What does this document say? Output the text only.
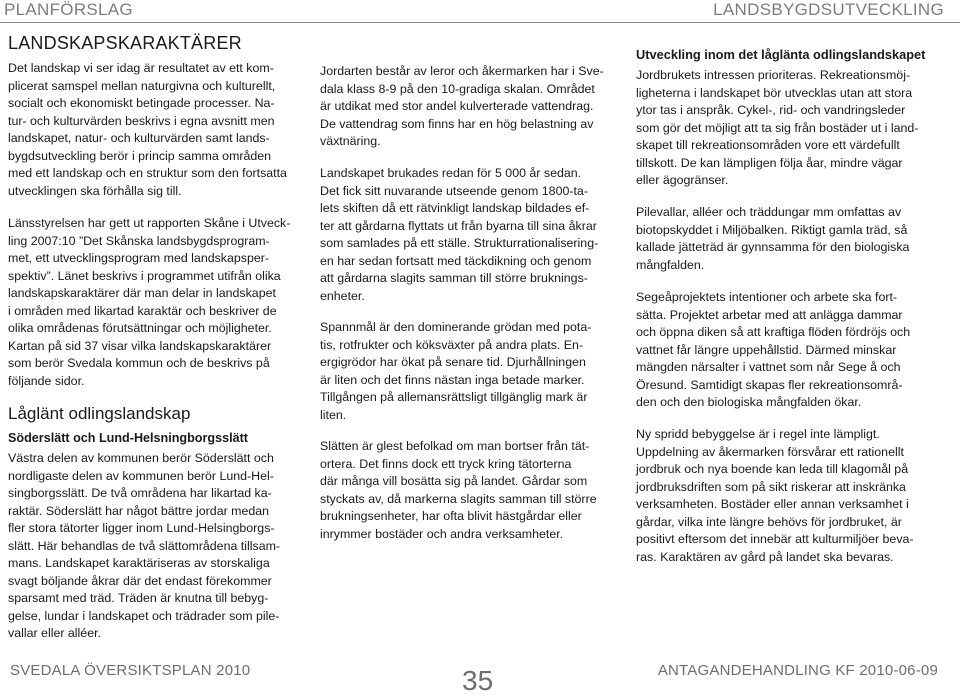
PLANFÖRSLAG	LANDSBYGDSUTVECKLING
LANDSKAPSKARAKTÄRER

Det landskap vi ser idag är resultatet av ett kom-
plicerat samspel mellan naturgivna och kulturellt,
socialt och ekonomiskt betingade processer. Na-
tur- och kulturvärden beskrivs i egna avsnitt men
landskapet, natur- och kulturvärden samt lands-
bygdsutveckling berör i princip samma områden
med ett landskap och en struktur som den fortsatta
utvecklingen ska förhålla sig till.

Länsstyrelsen har gett ut rapporten Skåne i Utveck-
ling 2007:10 ”Det Skånska landsbygdsprogram-
met, ett utvecklingsprogram med landskapsper-
spektiv”. Länet beskrivs i programmet utifrån olika
landskapskaraktärer där man delar in landskapet
i områden med likartad karaktär och beskriver de
olika områdenas förutsättningar och möjligheter.
Kartan på sid 37 visar vilka landskapskaraktärer
som berör Svedala kommun och de beskrivs på
följande sidor.

Låglänt odlingslandskap

Söderslätt och Lund-Helsningborgsslätt

Västra delen av kommunen berör Söderslätt och
nordligaste delen av kommunen berör Lund-Hel-
singborgsslätt. De två områdena har likartad ka-
raktär. Söderslätt har något bättre jordar medan
fler stora tätorter ligger inom Lund-Helsingborgs-
slätt. Här behandlas de två slättområdena tillsam-
mans. Landskapet karaktäriseras av storskaliga
svagt böljande åkrar där det endast förekommer
sparsamt med träd. Träden är knutna till bebyg-
gelse, lundar i landskapet och trädrader som pile-
vallar eller alléer.

Jordarten består av leror och åkermarken har i Sve-
dala klass 8-9 på den 10-gradiga skalan. Området
är utdikat med stor andel kulverterade vattendrag.
De vattendrag som finns har en hög belastning av
växtnäring.

Landskapet brukades redan för 5 000 år sedan.
Det fick sitt nuvarande utseende genom 1800-ta-
lets skiften då ett rätvinkligt landskap bildades ef-
ter att gårdarna flyttats ut från byarna till sina åkrar
som samlades på ett ställe. Strukturrationalisering-
en har sedan fortsatt med täckdikning och genom
att gårdarna slagits samman till större bruknings-
enheter.

Spannmål är den dominerande grödan med pota-
tis, rotfrukter och köksväxter på andra plats. En-
ergigrödor har ökat på senare tid. Djurhållningen
är liten och det finns nästan inga betade marker.
Tillgången på allemansrättsligt tillgänglig mark är
liten.

Slätten är glest befolkad om man bortser från tät-
ortera. Det finns dock ett tryck kring tätorterna
där många vill bosätta sig på landet. Gårdar som
styckats av, då markerna slagits samman till större
brukningsenheter, har ofta blivit hästgårdar eller
inrymmer bostäder och andra verksamheter.

Utveckling inom det låglänta odlingslandskapet

Jordbrukets intressen prioriteras. Rekreationsmöj-
ligheterna i landskapet bör utvecklas utan att stora
ytor tas i anspråk. Cykel-, rid- och vandringsleder
som gör det möjligt att ta sig från bostäder ut i land-
skapet till rekreationsområden vore ett värdefullt
tillskott. De kan lämpligen följa åar, mindre vägar
eller ägogränser.

Pilevallar, alléer och träddungar mm omfattas av
biotopskyddet i Miljöbalken. Riktigt gamla träd, så
kallade jätteträd är gynnsamma för den biologiska
mångfalden.

Segeåprojektets intentioner och arbete ska fort-
sätta. Projektet arbetar med att anlägga dammar
och öppna diken så att kraftiga flöden fördröjs och
vattnet får längre uppehållstid. Därmed minskar
mängden närsalter i vattnet som når Sege å och
Öresund. Samtidigt skapas fler rekreationsområ-
den och den biologiska mångfalden ökar.

Ny spridd bebyggelse är i regel inte lämpligt.
Uppdelning av åkermarken försvårar ett rationellt
jordbruk och nya boende kan leda till klagomål på
jordbruksdriften som på sikt riskerar att inskränka
verksamheten. Bostäder eller annan verksamhet i
gårdar, vilka inte längre behövs för jordbruket, är
positivt eftersom det innebär att kulturmiljöer beva-
ras. Karaktären av gård på landet ska bevaras.

SVEDALA ÖVERSIKTSPLAN 2010	35	ANTAGANDEHANDLING KF 2010-06-09
